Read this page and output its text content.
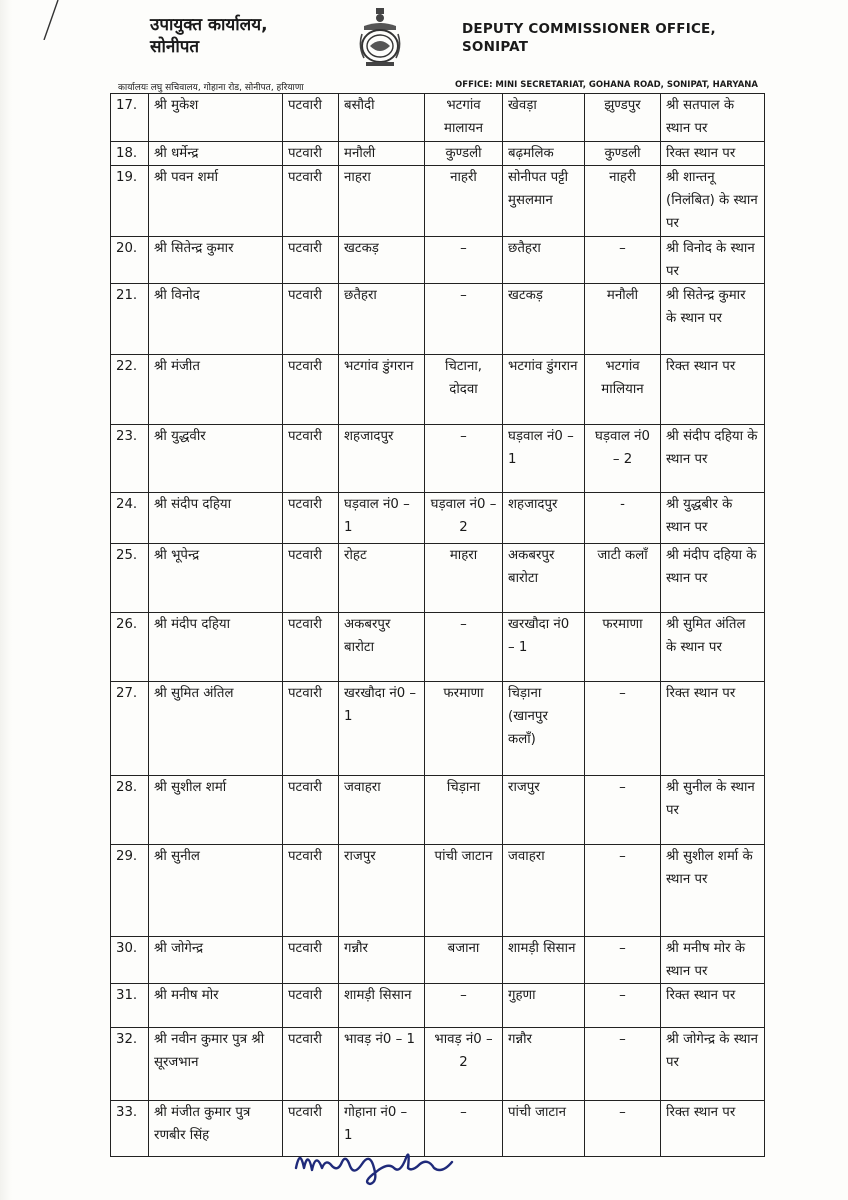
उपायुक्त कार्यालय,
सोनीपत
DEPUTY COMMISSIONER OFFICE,
SONIPAT
कार्यालयः लघु सचिवालय, गोहाना रोड, सोनीपत, हरियाणा	OFFICE: MINI SECRETARIAT, GOHANA ROAD, SONIPAT, HARYANA
17.	श्री मुकेश	पटवारी	बसौदी	भटगांव मालायन	खेवड़ा	झुण्डपुर	श्री सतपाल के स्थान पर
18.	श्री धर्मेन्द्र	पटवारी	मनौली	कुण्डली	बढ़मलिक	कुण्डली	रिक्त स्थान पर
19.	श्री पवन शर्मा	पटवारी	नाहरा	नाहरी	सोनीपत पट्टी मुसलमान	नाहरी	श्री शान्तनू (निलंबित) के स्थान पर
20.	श्री सितेन्द्र कुमार	पटवारी	खटकड़	–	छतैहरा	–	श्री विनोद के स्थान पर
21.	श्री विनोद	पटवारी	छतैहरा	–	खटकड़	मनौली	श्री सितेन्द्र कुमार के स्थान पर
22.	श्री मंजीत	पटवारी	भटगांव डुंगरान	चिटाना, दोदवा	भटगांव डुंगरान	भटगांव मालियान	रिक्त स्थान पर
23.	श्री युद्धवीर	पटवारी	शहजादपुर	–	घड़वाल नं0 – 1	घड़वाल नं0 – 2	श्री संदीप दहिया के स्थान पर
24.	श्री संदीप दहिया	पटवारी	घड़वाल नं0 – 1	घड़वाल नं0 – 2	शहजादपुर	-	श्री युद्धबीर के स्थान पर
25.	श्री भूपेन्द्र	पटवारी	रोहट	माहरा	अकबरपुर बारोटा	जाटी कलाँ	श्री मंदीप दहिया के स्थान पर
26.	श्री मंदीप दहिया	पटवारी	अकबरपुर बारोटा	–	खरखौदा नं0 – 1	फरमाणा	श्री सुमित अंतिल के स्थान पर
27.	श्री सुमित अंतिल	पटवारी	खरखौदा नं0 – 1	फरमाणा	चिड़ाना (खानपुर कलाँ)	–	रिक्त स्थान पर
28.	श्री सुशील शर्मा	पटवारी	जवाहरा	चिड़ाना	राजपुर	–	श्री सुनील के स्थान पर
29.	श्री सुनील	पटवारी	राजपुर	पांची जाटान	जवाहरा	–	श्री सुशील शर्मा के स्थान पर
30.	श्री जोगेन्द्र	पटवारी	गन्नौर	बजाना	शामड़ी सिसान	–	श्री मनीष मोर के स्थान पर
31.	श्री मनीष मोर	पटवारी	शामड़ी सिसान	–	गुहणा	–	रिक्त स्थान पर
32.	श्री नवीन कुमार पुत्र श्री सूरजभान	पटवारी	भावड़ नं0 – 1	भावड़ नं0 – 2	गन्नौर	–	श्री जोगेन्द्र के स्थान पर
33.	श्री मंजीत कुमार पुत्र रणबीर सिंह	पटवारी	गोहाना नं0 – 1	–	पांची जाटान	–	रिक्त स्थान पर
